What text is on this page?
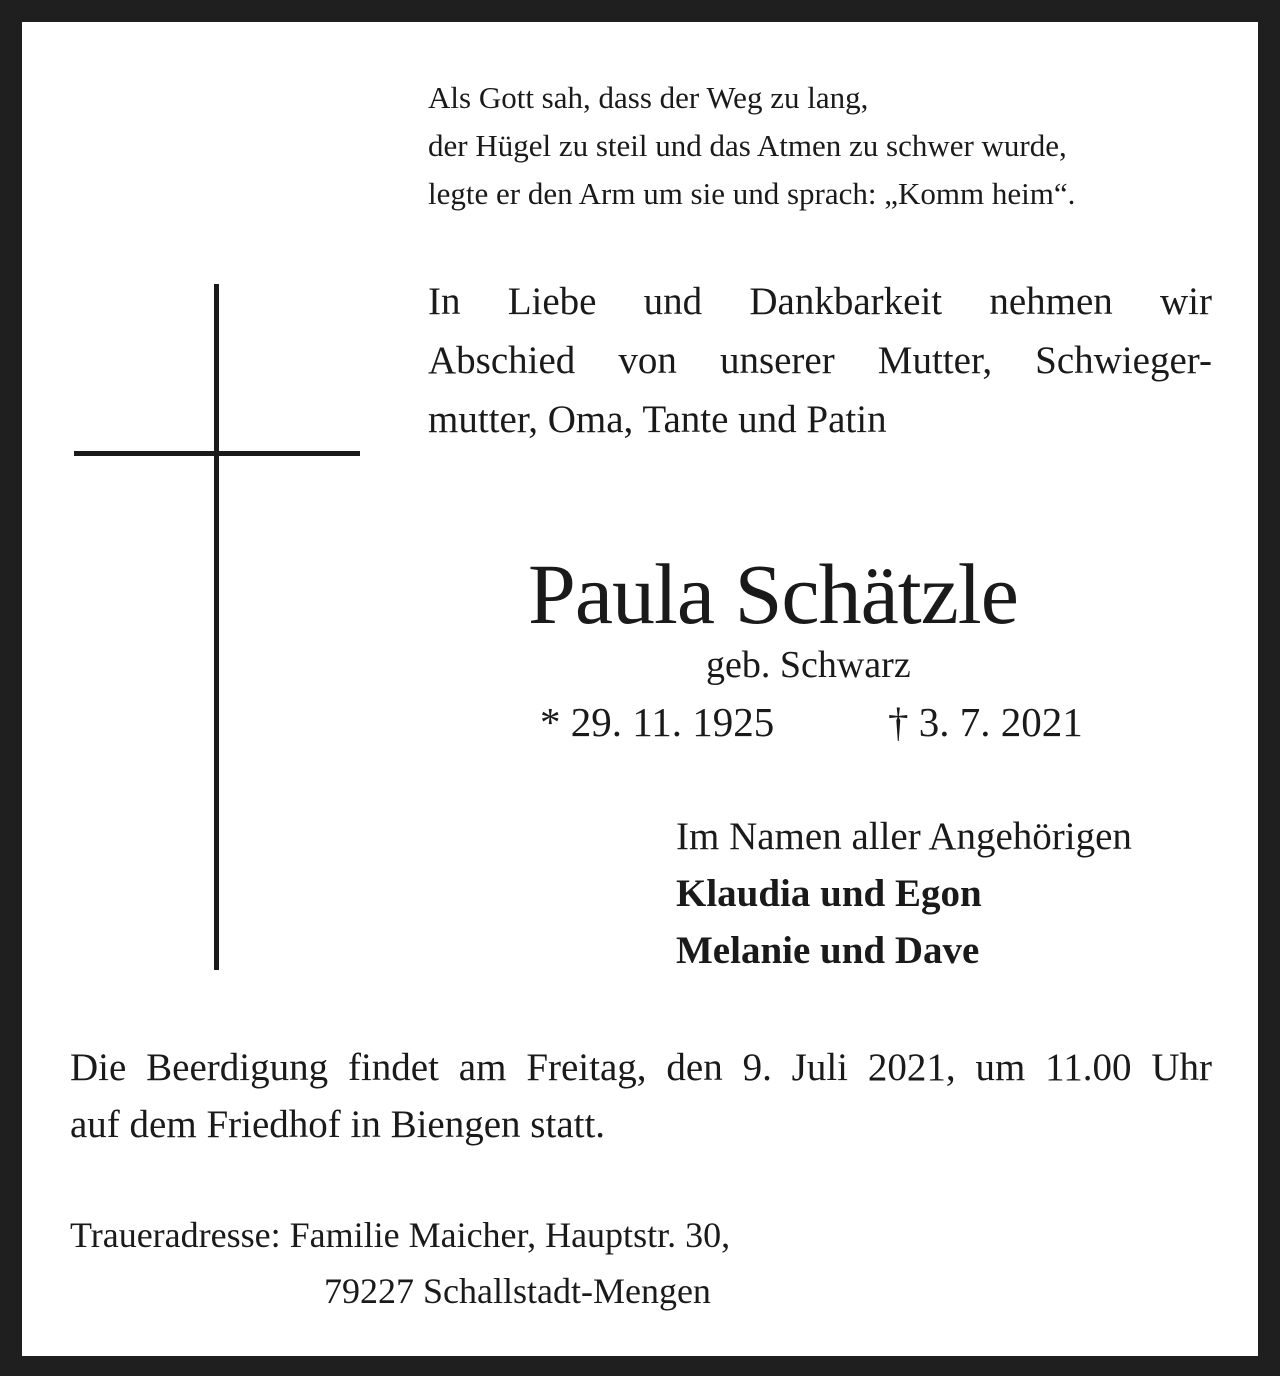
Als Gott sah, dass der Weg zu lang,
der Hügel zu steil und das Atmen zu schwer wurde,
legte er den Arm um sie und sprach: „Komm heim“.
In Liebe und Dankbarkeit nehmen wir
Abschied von unserer Mutter, Schwieger-
mutter, Oma, Tante und Patin
Paula Schätzle
geb. Schwarz
* 29. 11. 1925	† 3. 7. 2021
Im Namen aller Angehörigen
Klaudia und Egon
Melanie und Dave
Die Beerdigung findet am Freitag, den 9. Juli 2021, um 11.00 Uhr
auf dem Friedhof in Biengen statt.
Traueradresse: Familie Maicher, Hauptstr. 30,
79227 Schallstadt-Mengen
